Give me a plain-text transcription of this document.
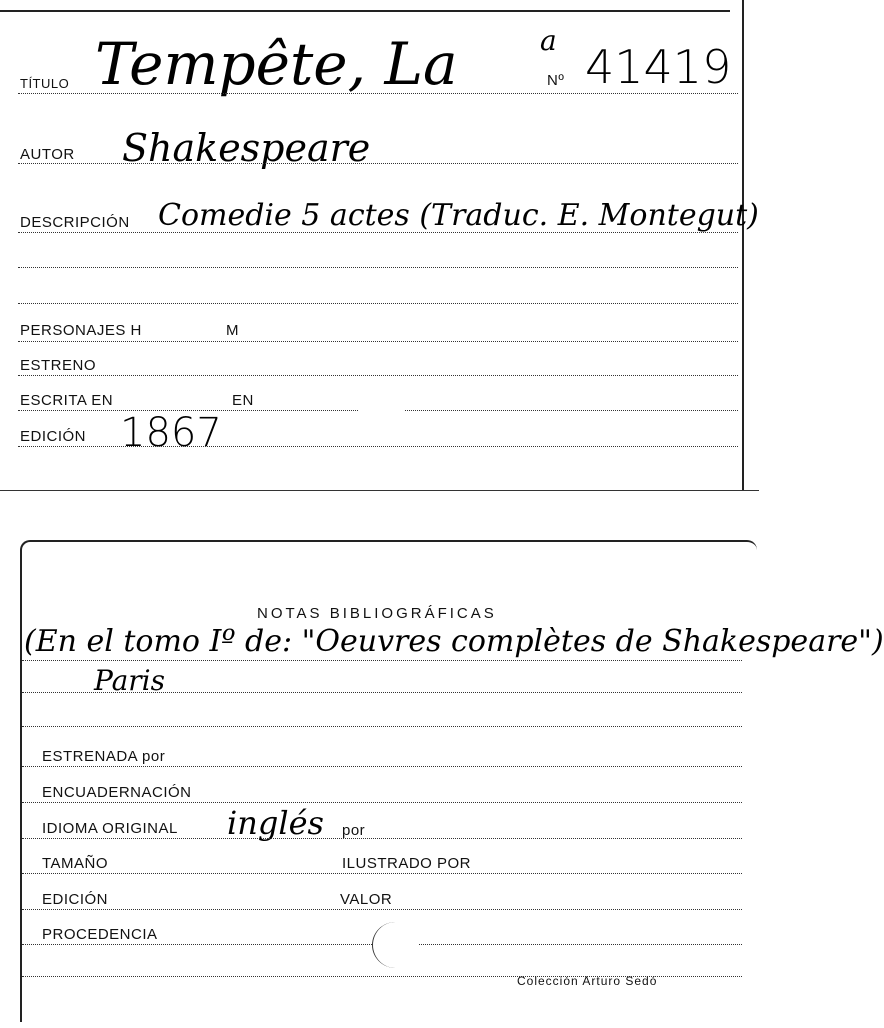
TÍTULO Tempête, La	a
Nº 41419
AUTOR Shakespeare
DESCRIPCIÓN Comedie 5 actes (Traduc. E. Montegut)
PERSONAJES H	M
ESTRENO
ESCRITA EN	EN
EDICIÓN 1867
NOTAS BIBLIOGRÁFICAS
(En el tomo Iº de: "Oeuvres complètes de Shakespeare")
Paris
ESTRENADA por
ENCUADERNACIÓN
IDIOMA ORIGINAL inglés por
TAMAÑO	ILUSTRADO POR
EDICIÓN	VALOR
PROCEDENCIA
Colección Arturo Sedó
